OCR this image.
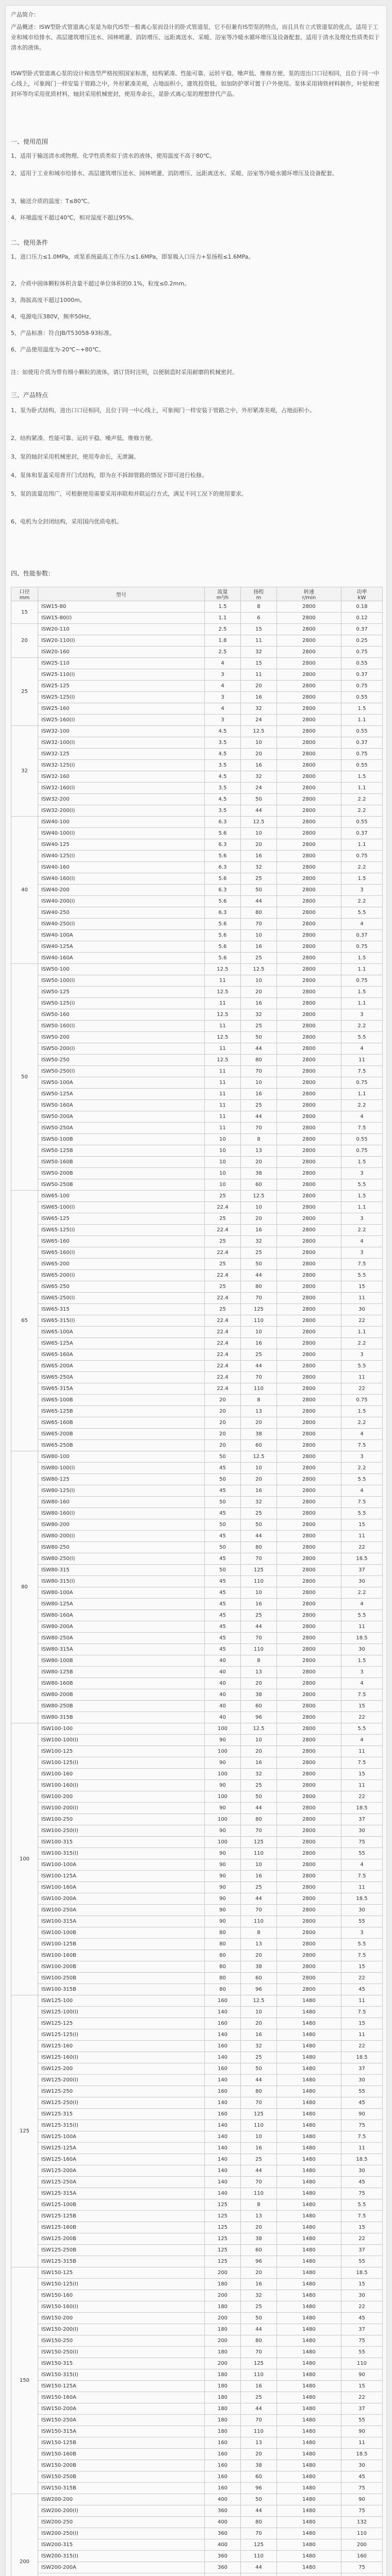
产品简介：
产品概述：ISW型卧式管道离心泵是为取代IS型一般离心泵而设计的卧式管道泵，它不但兼有IS型泵的特点，而且具有立式管道泵的优点，适用于工业和城市给排水、高层建筑增压送水、园林喷灌、消防增压、远距离送水、采暖、浴室等冷暖水循环增压及设备配套，适用于清水及理化性质类似于清水的液体。
ISW型卧式管道离心泵的设计和选型严格按照国家标准，结构紧凑、性能可靠、运转平稳、噪声低、维修方便、泵的进出口口径相同，且位于同一中心线上，可象阀门一样安装于管路之中，外形紧凑美观，占地面积小，建筑投资低，如加防护罩可置于户外使用。泵体采用铸铁材料制作，叶轮和密封环等均采用优质材料，轴封采用机械密封，使用寿命长，是卧式离心泵的理想替代产品。
一、使用范围
1、适用于输送清水或物理、化学性质类似于清水的液体，使用温度不高于80℃。
2、适用于工业和城市给排水、高层建筑增压送水、园林喷灌、消防增压、远距离送水、采暖、浴室等冷暖水循环增压及设备配套。
3、输送介质的温度：T≤80℃。
4、环境温度不超过40℃，相对湿度不超过95%。
二、使用条件
1、进口压力≤1.0MPa，或泵系统最高工作压力≤1.6MPa，即泵吸入口压力+泵扬程≤1.6MPa。
2、介质中固体颗粒体积含量不超过单位体积的0.1%，粒度≤0.2mm。
3、海拔高度不超过1000m。
4、电源电压380V，频率50Hz。
5、产品标准：符合JB/T53058-93标准。
6、产品使用温度为-20℃~+80℃。
注：如使用介质为带有细小颗粒的液体，请订货时注明，以便制造时采用耐磨的机械密封。
三、产品特点
1、泵为卧式结构，进出口口径相同，且位于同一中心线上，可象阀门一样安装于管路之中，外形紧凑美观，占地面积小。
2、结构紧凑、性能可靠、运转平稳、噪声低、维修方便。
3、泵的轴封采用机械密封，使用寿命长，无泄漏。
4、泵体和泵盖采用背开门式结构，即为在不拆卸管路的情况下即可进行检修。
5、泵的流量范围广，可根据使用需要采用串联和并联运行方式，满足不同工况下的使用要求。
6、电机为全封闭结构，采用国内优质电机。
四、性能参数：
口径
mm	型号	流量
m³/h	扬程
m	转速
r/min	功率
kW
15	ISW15-80	1.5	8	2800	0.18
	ISW15-80(I)	1.1	6	2800	0.12
20	ISW20-110	2.5	15	2800	0.37
	ISW20-110(I)	1.8	11	2800	0.25
	ISW20-160	2.5	32	2800	0.75
25	ISW25-110	4	15	2800	0.55
	ISW25-110(I)	3	11	2800	0.37
	ISW25-125	4	20	2800	0.75
	ISW25-125(I)	3	16	2800	0.55
	ISW25-160	4	32	2800	1.5
	ISW25-160(I)	3	24	2800	1.1
32	ISW32-100	4.5	12.5	2800	0.55
	ISW32-100(I)	3.5	10	2800	0.37
	ISW32-125	4.5	20	2800	0.75
	ISW32-125(I)	3.5	16	2800	0.55
	ISW32-160	4.5	32	2800	1.5
	ISW32-160(I)	3.5	24	2800	1.1
	ISW32-200	4.5	50	2800	2.2
	ISW32-200(I)	3.5	44	2800	2.2
40	ISW40-100	6.3	12.5	2800	0.55
	ISW40-100(I)	5.6	10	2800	0.37
	ISW40-125	6.3	20	2800	1.1
	ISW40-125(I)	5.6	16	2800	0.75
	ISW40-160	6.3	32	2800	2.2
	ISW40-160(I)	5.6	25	2800	1.5
	ISW40-200	6.3	50	2800	3
	ISW40-200(I)	5.6	44	2800	2.2
	ISW40-250	6.3	80	2800	5.5
	ISW40-250(I)	5.6	70	2800	4
	ISW40-100A	5.6	10	2800	0.37
	ISW40-125A	5.6	16	2800	0.75
	ISW40-160A	5.6	25	2800	1.5
50	ISW50-100	12.5	12.5	2800	1.1
	ISW50-100(I)	11	10	2800	0.75
	ISW50-125	12.5	20	2800	1.5
	ISW50-125(I)	11	16	2800	1.1
	ISW50-160	12.5	32	2800	3
	ISW50-160(I)	11	25	2800	2.2
	ISW50-200	12.5	50	2800	5.5
	ISW50-200(I)	11	44	2800	4
	ISW50-250	12.5	80	2800	11
	ISW50-250(I)	11	70	2800	7.5
	ISW50-100A	11	10	2800	0.75
	ISW50-125A	11	16	2800	1.1
	ISW50-160A	11	25	2800	2.2
	ISW50-200A	11	44	2800	4
	ISW50-250A	11	70	2800	7.5
	ISW50-100B	10	8	2800	0.55
	ISW50-125B	10	13	2800	0.75
	ISW50-160B	10	20	2800	1.5
	ISW50-200B	10	38	2800	3
	ISW50-250B	10	60	2800	5.5
65	ISW65-100	25	12.5	2800	1.5
	ISW65-100(I)	22.4	10	2800	1.1
	ISW65-125	25	20	2800	3
	ISW65-125(I)	22.4	16	2800	2.2
	ISW65-160	25	32	2800	4
	ISW65-160(I)	22.4	25	2800	3
	ISW65-200	25	50	2800	7.5
	ISW65-200(I)	22.4	44	2800	5.5
	ISW65-250	25	80	2800	15
	ISW65-250(I)	22.4	70	2800	11
	ISW65-315	25	125	2800	30
	ISW65-315(I)	22.4	110	2800	22
	ISW65-100A	22.4	10	2800	1.1
	ISW65-125A	22.4	16	2800	2.2
	ISW65-160A	22.4	25	2800	3
	ISW65-200A	22.4	44	2800	5.5
	ISW65-250A	22.4	70	2800	11
	ISW65-315A	22.4	110	2800	22
	ISW65-100B	20	8	2800	0.75
	ISW65-125B	20	13	2800	1.5
	ISW65-160B	20	20	2800	2.2
	ISW65-200B	20	38	2800	4
	ISW65-250B	20	60	2800	7.5
80	ISW80-100	50	12.5	2800	3
	ISW80-100(I)	45	10	2800	2.2
	ISW80-125	50	20	2800	5.5
	ISW80-125(I)	45	16	2800	4
	ISW80-160	50	32	2800	7.5
	ISW80-160(I)	45	25	2800	5.5
	ISW80-200	50	50	2800	15
	ISW80-200(I)	45	44	2800	11
	ISW80-250	50	80	2800	22
	ISW80-250(I)	45	70	2800	18.5
	ISW80-315	50	125	2800	37
	ISW80-315(I)	45	110	2800	30
	ISW80-100A	45	10	2800	2.2
	ISW80-125A	45	16	2800	4
	ISW80-160A	45	25	2800	5.5
	ISW80-200A	45	44	2800	11
	ISW80-250A	45	70	2800	18.5
	ISW80-315A	45	110	2800	30
	ISW80-100B	40	8	2800	1.5
	ISW80-125B	40	13	2800	3
	ISW80-160B	40	20	2800	4
	ISW80-200B	40	38	2800	7.5
	ISW80-250B	40	60	2800	15
	ISW80-315B	40	96	2800	22
100	ISW100-100	100	12.5	2800	5.5
	ISW100-100(I)	90	10	2800	4
	ISW100-125	100	20	2800	11
	ISW100-125(I)	90	16	2800	7.5
	ISW100-160	100	32	2800	15
	ISW100-160(I)	90	25	2800	11
	ISW100-200	100	50	2800	22
	ISW100-200(I)	90	44	2800	18.5
	ISW100-250	100	80	2800	37
	ISW100-250(I)	90	70	2800	30
	ISW100-315	100	125	2800	75
	ISW100-315(I)	90	110	2800	55
	ISW100-100A	90	10	2800	4
	ISW100-125A	90	16	2800	7.5
	ISW100-160A	90	25	2800	11
	ISW100-200A	90	44	2800	18.5
	ISW100-250A	90	70	2800	30
	ISW100-315A	90	110	2800	55
	ISW100-100B	80	8	2800	3
	ISW100-125B	80	13	2800	5.5
	ISW100-160B	80	20	2800	7.5
	ISW100-200B	80	38	2800	15
	ISW100-250B	80	60	2800	22
	ISW100-315B	80	96	2800	45
125	ISW125-100	160	12.5	1480	11
	ISW125-100(I)	140	10	1480	7.5
	ISW125-125	160	20	1480	15
	ISW125-125(I)	140	16	1480	11
	ISW125-160	160	32	1480	22
	ISW125-160(I)	140	25	1480	18.5
	ISW125-200	160	50	1480	37
	ISW125-200(I)	140	44	1480	30
	ISW125-250	160	80	1480	55
	ISW125-250(I)	140	70	1480	45
	ISW125-315	160	125	1480	90
	ISW125-315(I)	140	110	1480	75
	ISW125-100A	140	10	1480	7.5
	ISW125-125A	140	16	1480	11
	ISW125-160A	140	25	1480	18.5
	ISW125-200A	140	44	1480	30
	ISW125-250A	140	70	1480	45
	ISW125-315A	140	110	1480	75
	ISW125-100B	125	8	1480	5.5
	ISW125-125B	125	13	1480	7.5
	ISW125-160B	125	20	1480	15
	ISW125-200B	125	38	1480	22
	ISW125-250B	125	60	1480	37
	ISW125-315B	125	96	1480	55
150	ISW150-125	200	20	1480	18.5
	ISW150-125(I)	180	16	1480	15
	ISW150-160	200	32	1480	30
	ISW150-160(I)	180	25	1480	22
	ISW150-200	200	50	1480	45
	ISW150-200(I)	180	44	1480	37
	ISW150-250	200	80	1480	75
	ISW150-250(I)	180	70	1480	55
	ISW150-315	200	125	1480	110
	ISW150-315(I)	180	110	1480	90
	ISW150-125A	180	16	1480	15
	ISW150-160A	180	25	1480	22
	ISW150-200A	180	44	1480	37
	ISW150-250A	180	70	1480	55
	ISW150-315A	180	110	1480	90
	ISW150-125B	160	13	1480	11
	ISW150-160B	160	20	1480	18.5
	ISW150-200B	160	38	1480	30
	ISW150-250B	160	60	1480	45
	ISW150-315B	160	96	1480	75
200	ISW200-200	400	50	1480	90
	ISW200-200(I)	360	44	1480	75
	ISW200-250	400	80	1480	132
	ISW200-250(I)	360	70	1480	110
	ISW200-315	400	125	1480	200
	ISW200-315(I)	360	110	1480	160
	ISW200-200A	360	44	1480	75
